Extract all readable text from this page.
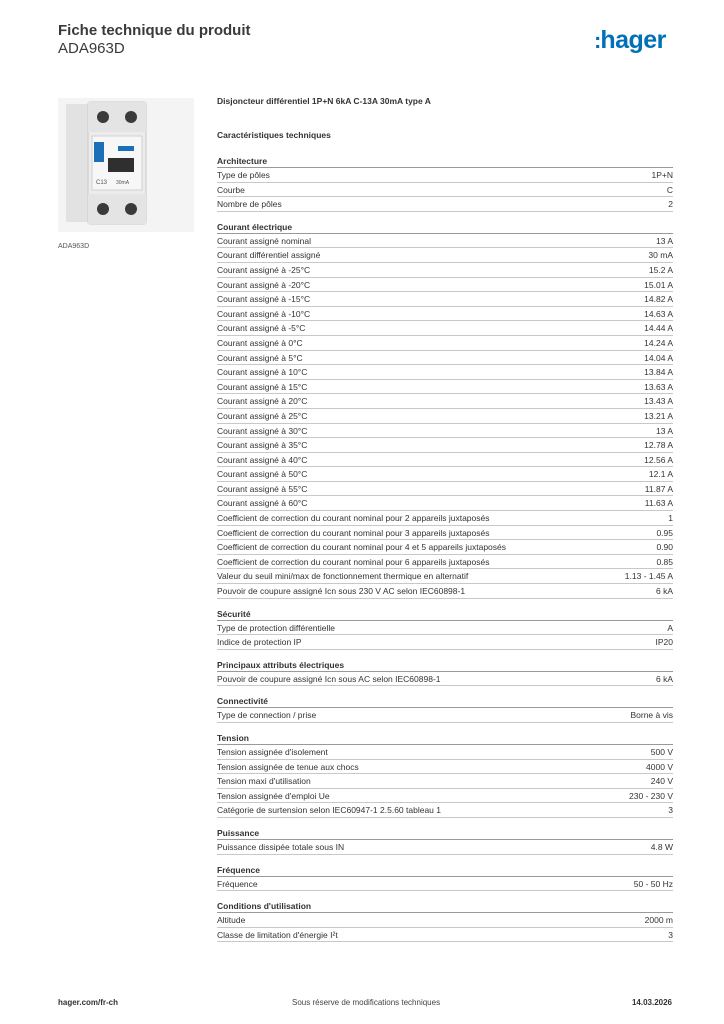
Fiche technique du produit
ADA963D	:hager
C13 30mA
ADA963D
Disjoncteur différentiel 1P+N 6kA C-13A 30mA type A
Caractéristiques techniques
Architecture
Type de pôles	1P+N
Courbe	C
Nombre de pôles	2
Courant électrique
Courant assigné nominal	13 A
Courant différentiel assigné	30 mA
Courant assigné à -25°C	15.2 A
Courant assigné à -20°C	15.01 A
Courant assigné à -15°C	14.82 A
Courant assigné à -10°C	14.63 A
Courant assigné à -5°C	14.44 A
Courant assigné à 0°C	14.24 A
Courant assigné à 5°C	14.04 A
Courant assigné à 10°C	13.84 A
Courant assigné à 15°C	13.63 A
Courant assigné à 20°C	13.43 A
Courant assigné à 25°C	13.21 A
Courant assigné à 30°C	13 A
Courant assigné à 35°C	12.78 A
Courant assigné à 40°C	12.56 A
Courant assigné à 50°C	12.1 A
Courant assigné à 55°C	11.87 A
Courant assigné à 60°C	11.63 A
Coefficient de correction du courant nominal pour 2 appareils juxtaposés	1
Coefficient de correction du courant nominal pour 3 appareils juxtaposés	0.95
Coefficient de correction du courant nominal pour 4 et 5 appareils juxtaposés	0.90
Coefficient de correction du courant nominal pour 6 appareils juxtaposés	0.85
Valeur du seuil mini/max de fonctionnement thermique en alternatif	1.13 - 1.45 A
Pouvoir de coupure assigné Icn sous 230 V AC selon IEC60898-1	6 kA
Sécurité
Type de protection différentielle	A
Indice de protection IP	IP20
Principaux attributs électriques
Pouvoir de coupure assigné Icn sous AC selon IEC60898-1	6 kA
Connectivité
Type de connection / prise	Borne à vis
Tension
Tension assignée d'isolement	500 V
Tension assignée de tenue aux chocs	4000 V
Tension maxi d'utilisation	240 V
Tension assignée d'emploi Ue	230 - 230 V
Catégorie de surtension selon IEC60947-1 2.5.60 tableau 1	3
Puissance
Puissance dissipée totale sous IN	4.8 W
Fréquence
Fréquence	50 - 50 Hz
Conditions d'utilisation
Altitude	2000 m
Classe de limitation d'énergie I²t	3
hager.com/fr-ch	Sous réserve de modifications techniques	14.03.2026
